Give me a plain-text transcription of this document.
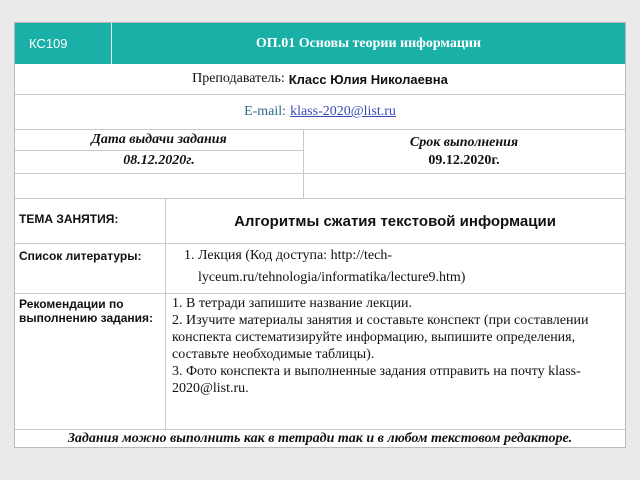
КС109	ОП.01 Основы теории информации
Преподаватель: Класс Юлия Николаевна
E-mail: klass-2020@list.ru
Дата выдачи задания	Срок выполнения
08.12.2020г.	09.12.2020г.
ТЕМА ЗАНЯТИЯ:	Алгоритмы сжатия текстовой информации
Список литературы:
1.	Лекция (Код доступа: http://tech-lyceum.ru/tehnologia/informatika/lecture9.htm)
Рекомендации по выполнению задания:
1. В тетради запишите название лекции.
2. Изучите материалы занятия и составьте конспект (при составлении конспекта систематизируйте информацию, выпишите определения, составьте необходимые таблицы).
3. Фото конспекта и выполненные задания отправить на почту klass-2020@list.ru.
Задания можно выполнить как в тетради так и в любом текстовом редакторе.
